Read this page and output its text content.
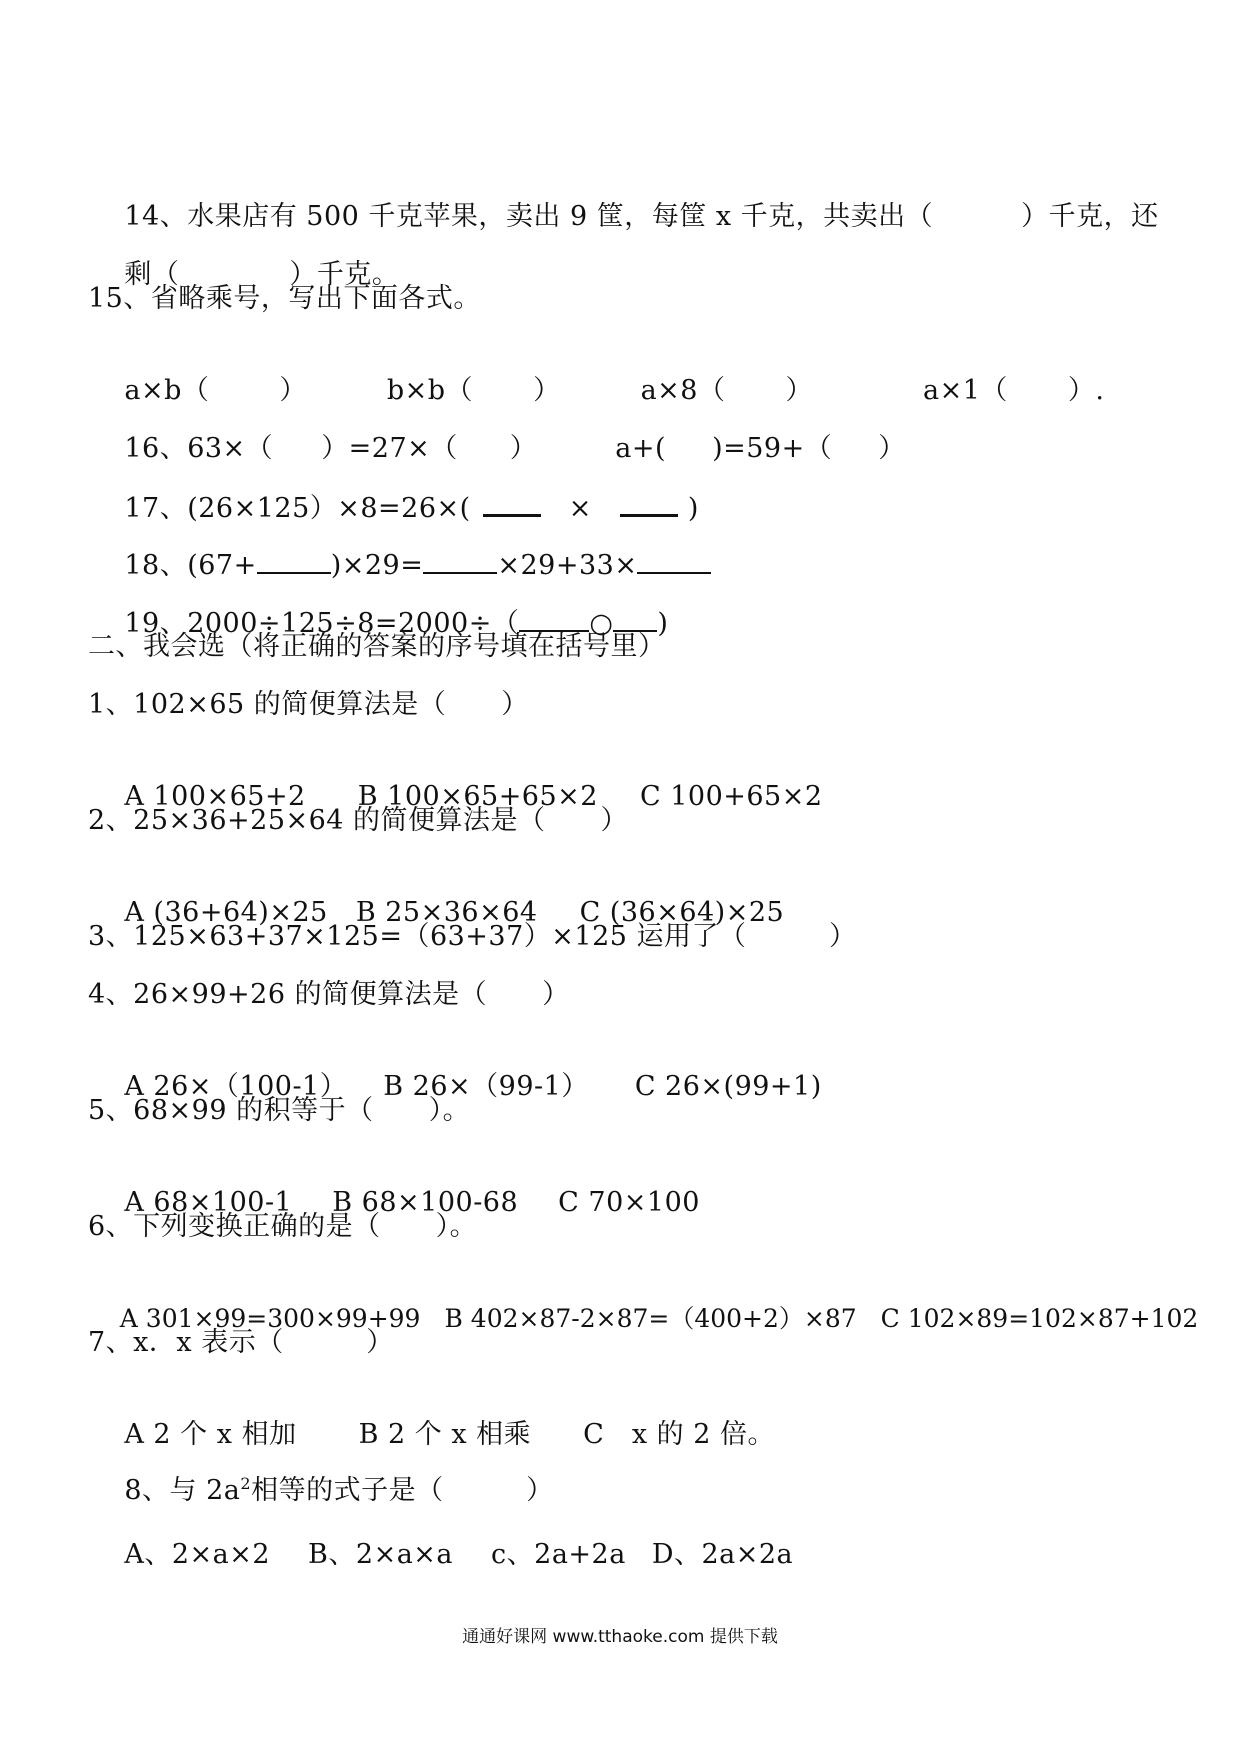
14、水果店有 500 千克苹果，卖出 9 筐，每筐 x 千克，共卖出（	）千克，还

剩（	）千克。

15、省略乘号，写出下面各式。

a×b（	）	b×b（ ）	a×8（ ）	a×1（ ）.

16、63×（ ）=27×（ ）	a+( )=59+（ ）

17、(26×125）×8=26×(	×	)

18、(67+	)×29=	×29+33×

19、2000÷125÷8=2000÷（	○ )

二、我会选（将正确的答案的序号填在括号里）
1、102×65 的简便算法是（　　）

A 100×65+2 B 100×65+65×2 C 100+65×2

2、25×36+25×64 的简便算法是（　　）

A (36+64)×25 B 25×36×64 C (36×64)×25

3、125×63+37×125=（63+37）×125 运用了（　　　）
4、26×99+26 的简便算法是（　　）

A 26×（100-1） B 26×（99-1） C 26×(99+1)

5、68×99 的积等于（　　）。

A 68×100-1 B 68×100-68 C 70×100

6、下列变换正确的是（　　）。

A 301×99=300×99+99 B 402×87-2×87=（400+2）×87 C 102×89=102×87+102

7、x．x 表示（　　　）

A 2 个 x 相加 B 2 个 x 相乘 C　x 的 2 倍。

8、与 $2a^2$相等的式子是（　　　）

A、2×a×2 B、2×a×a c、2a+2a D、2a×2a

通通好课网 www.tthaoke.com 提供下载
